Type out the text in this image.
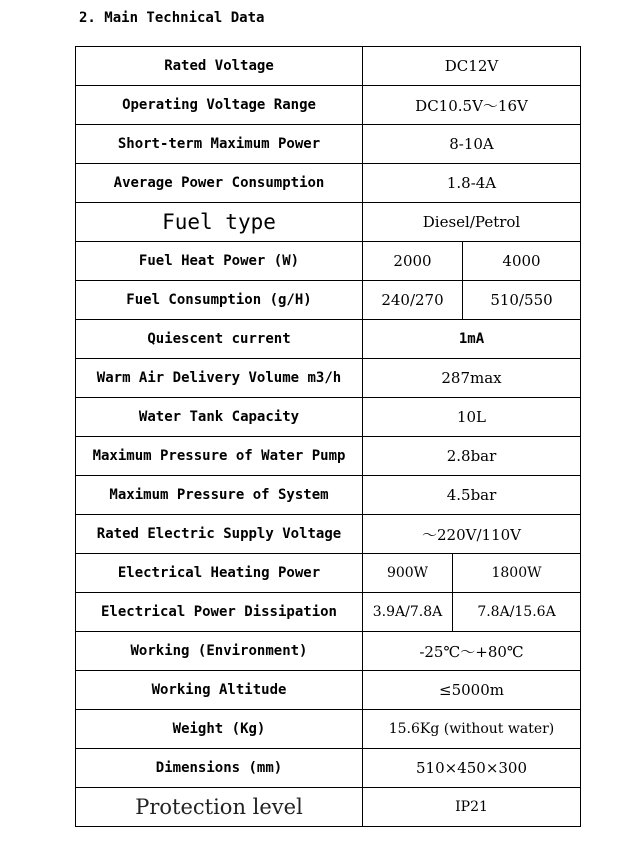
2. Main Technical Data
Rated Voltage	DC12V		
Operating Voltage Range	DC10.5V～16V		
Short-term Maximum Power	8-10A		
Average Power Consumption	1.8-4A		
Fuel type	Diesel/Petrol		
Fuel Heat Power (W)	2000		4000
Fuel Consumption (g/H)	240/270		510/550
Quiescent current	1mA		
Warm Air Delivery Volume m3/h	287max		
Water Tank Capacity	10L		
Maximum Pressure of Water Pump	2.8bar		
Maximum Pressure of System	4.5bar		
Rated Electric Supply Voltage	～220V/110V		
Electrical Heating Power	900W	1800W	
Electrical Power Dissipation	3.9A/7.8A	7.8A/15.6A	
Working (Environment)	-25℃～+80℃		
Working Altitude	≤5000m		
Weight (Kg)	15.6Kg (without water)		
Dimensions (mm)	510×450×300		
Protection level	IP21		
